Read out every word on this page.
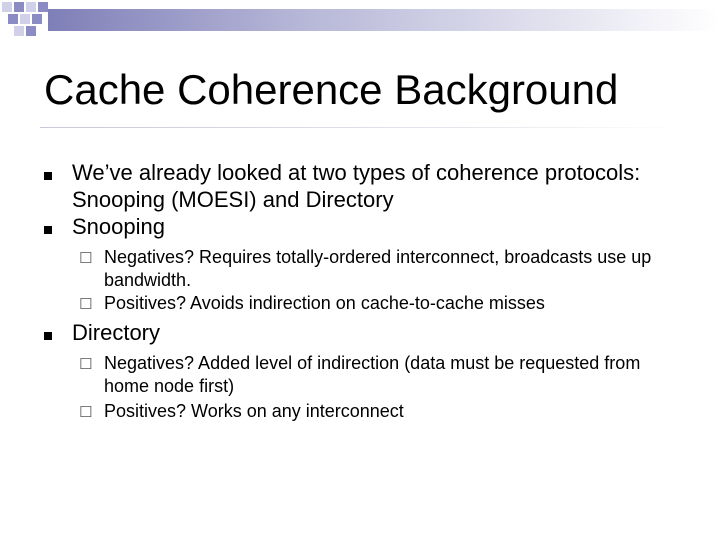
Cache Coherence Background
We’ve already looked at two types of coherence protocols: Snooping (MOESI) and Directory
Snooping
☐ Negatives? Requires totally-ordered interconnect, broadcasts use up bandwidth.
☐ Positives? Avoids indirection on cache-to-cache misses
Directory
☐ Negatives? Added level of indirection (data must be requested from home node first)
☐ Positives? Works on any interconnect
